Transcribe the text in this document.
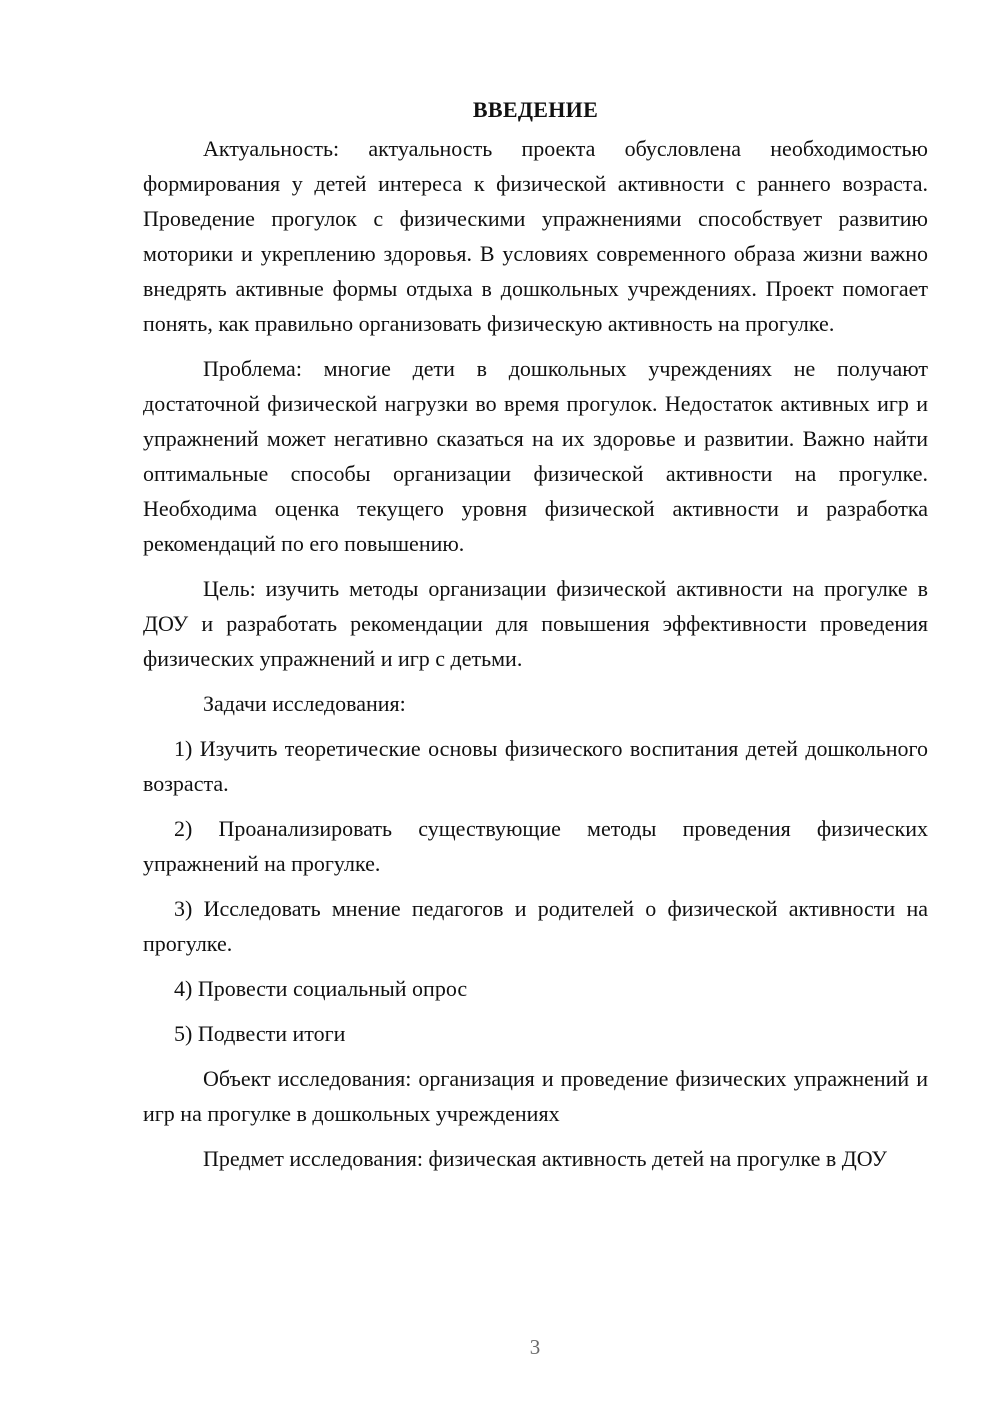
ВВЕДЕНИЕ

Актуальность: актуальность проекта обусловлена необходимостью формирования у детей интереса к физической активности с раннего возраста. Проведение прогулок с физическими упражнениями способствует развитию моторики и укреплению здоровья. В условиях современного образа жизни важно внедрять активные формы отдыха в дошкольных учреждениях. Проект помогает понять, как правильно организовать физическую активность на прогулке.

Проблема: многие дети в дошкольных учреждениях не получают достаточной физической нагрузки во время прогулок. Недостаток активных игр и упражнений может негативно сказаться на их здоровье и развитии. Важно найти оптимальные способы организации физической активности на прогулке. Необходима оценка текущего уровня физической активности и разработка рекомендаций по его повышению.

Цель: изучить методы организации физической активности на прогулке в ДОУ и разработать рекомендации для повышения эффективности проведения физических упражнений и игр с детьми.

Задачи исследования:

1) Изучить теоретические основы физического воспитания детей дошкольного возраста.

2) Проанализировать существующие методы проведения физических упражнений на прогулке.

3) Исследовать мнение педагогов и родителей о физической активности на прогулке.

4) Провести социальный опрос

5) Подвести итоги

Объект исследования: организация и проведение физических упражнений и игр на прогулке в дошкольных учреждениях

Предмет исследования: физическая активность детей на прогулке в ДОУ

3
